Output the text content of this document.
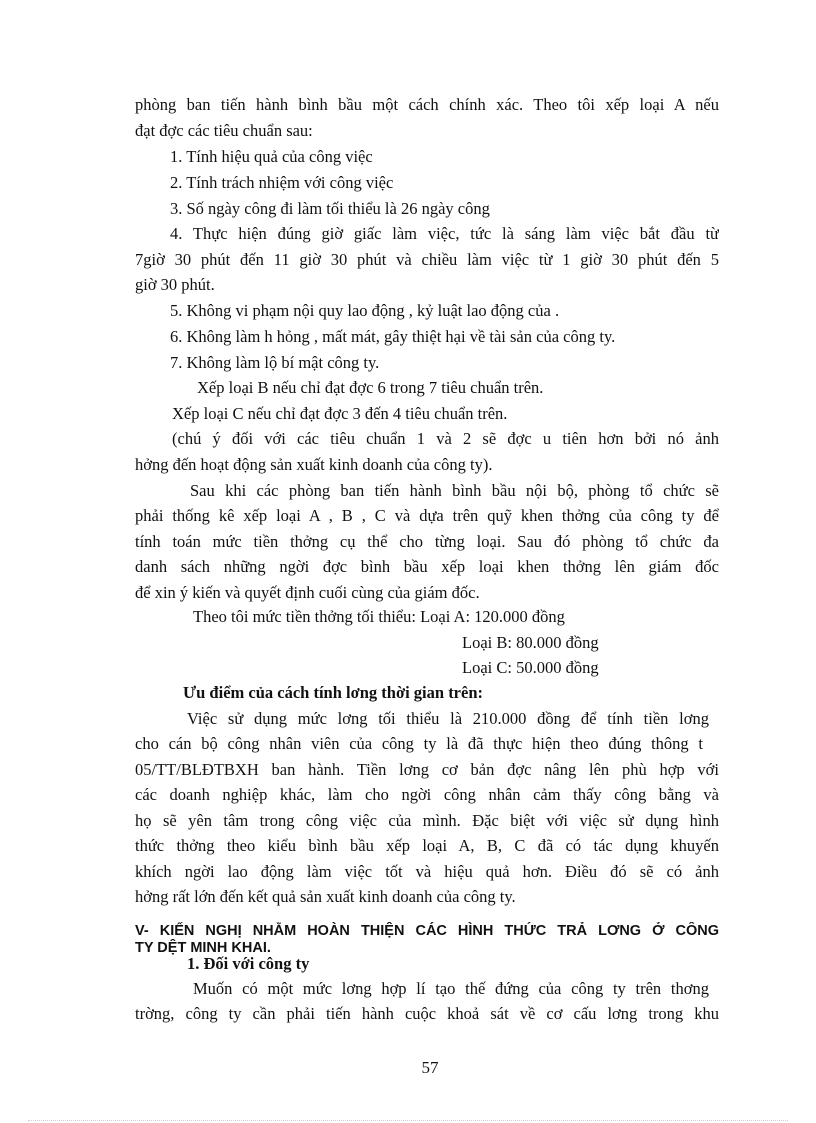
phòng ban tiến hành bình bầu một cách chính xác. Theo tôi xếp loại A nếu
đạt đợc các tiêu chuẩn sau:
1. Tính hiệu quả của công việc
2. Tính trách nhiệm với công việc
3. Số ngày công đi làm tối thiểu là 26 ngày công
4. Thực hiện đúng giờ giấc làm việc, tức là sáng làm việc bắt đầu từ
7giờ 30 phút đến 11 giờ 30 phút và chiều làm việc từ 1 giờ 30 phút đến 5
giờ 30 phút.
5. Không vi phạm nội quy lao động , kỷ luật lao động của .
6. Không làm h hỏng , mất mát, gây thiệt hại về tài sản của công ty.
7. Không làm lộ bí mật công ty.
Xếp loại B nếu chỉ đạt đợc 6 trong 7 tiêu chuẩn trên.
Xếp loại C nếu chỉ đạt đợc 3 đến 4 tiêu chuẩn trên.
(chú ý đối với các tiêu chuẩn 1 và 2 sẽ đợc u tiên hơn bởi nó ảnh
hởng đến hoạt động sản xuất kinh doanh của công ty).
Sau khi các phòng ban tiến hành bình bầu nội bộ, phòng tổ chức sẽ
phải thống kê xếp loại A , B , C và dựa trên quỹ khen thởng của công ty để
tính toán mức tiền thởng cụ thể cho từng loại. Sau đó phòng tổ chức đa
danh sách những ngời đợc bình bầu xếp loại khen thởng lên giám đốc
để xin ý kiến và quyết định cuối cùng của giám đốc.
Theo tôi mức tiền thởng tối thiểu: Loại A: 120.000 đồng
Loại B: 80.000 đồng
Loại C: 50.000 đồng
Ưu điểm của cách tính lơng thời gian trên:
Việc sử dụng mức lơng tối thiểu là 210.000 đồng để tính tiền lơng
cho cán bộ công nhân viên của công ty là đã thực hiện theo đúng thông t
05/TT/BLĐTBXH ban hành. Tiền lơng cơ bản đợc nâng lên phù hợp với
các doanh nghiệp khác, làm cho ngời công nhân cảm thấy công bằng và
họ sẽ yên tâm trong công việc của mình. Đặc biệt với việc sử dụng hình
thức thởng theo kiểu bình bầu xếp loại A, B, C đã có tác dụng khuyến
khích ngời lao động làm việc tốt và hiệu quả hơn. Điều đó sẽ có ảnh
hởng rất lớn đến kết quả sản xuất kinh doanh của công ty.
V- KIẾN NGHỊ NHẰM HOÀN THIỆN CÁC HÌNH THỨC TRẢ LƠNG Ở CÔNG
TY DỆT MINH KHAI.
1. Đối với công ty
Muốn có một mức lơng hợp lí tạo thế đứng của công ty trên thơng
trờng, công ty cần phải tiến hành cuộc khoả sát về cơ cấu lơng trong khu
57
